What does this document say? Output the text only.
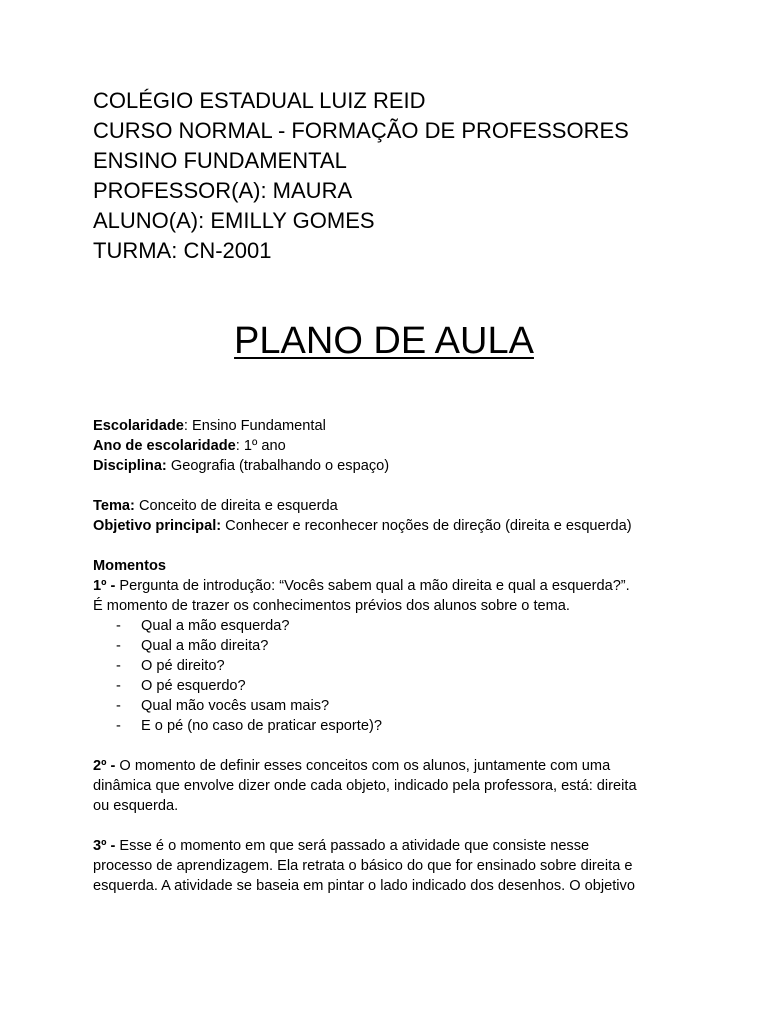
COLÉGIO ESTADUAL LUIZ REID
CURSO NORMAL - FORMAÇÃO DE PROFESSORES
ENSINO FUNDAMENTAL
PROFESSOR(A): MAURA
ALUNO(A): EMILLY GOMES
TURMA: CN-2001
PLANO DE AULA
Escolaridade: Ensino Fundamental
Ano de escolaridade: 1º ano
Disciplina: Geografia (trabalhando o espaço)
Tema: Conceito de direita e esquerda
Objetivo principal: Conhecer e reconhecer noções de direção (direita e esquerda)
Momentos
1º - Pergunta de introdução: “Vocês sabem qual a mão direita e qual a esquerda?”.
É momento de trazer os conhecimentos prévios dos alunos sobre o tema.
- Qual a mão esquerda?
- Qual a mão direita?
- O pé direito?
- O pé esquerdo?
- Qual mão vocês usam mais?
- E o pé (no caso de praticar esporte)?
2º - O momento de definir esses conceitos com os alunos, juntamente com uma
dinâmica que envolve dizer onde cada objeto, indicado pela professora, está: direita
ou esquerda.
3º - Esse é o momento em que será passado a atividade que consiste nesse
processo de aprendizagem. Ela retrata o básico do que for ensinado sobre direita e
esquerda. A atividade se baseia em pintar o lado indicado dos desenhos. O objetivo
